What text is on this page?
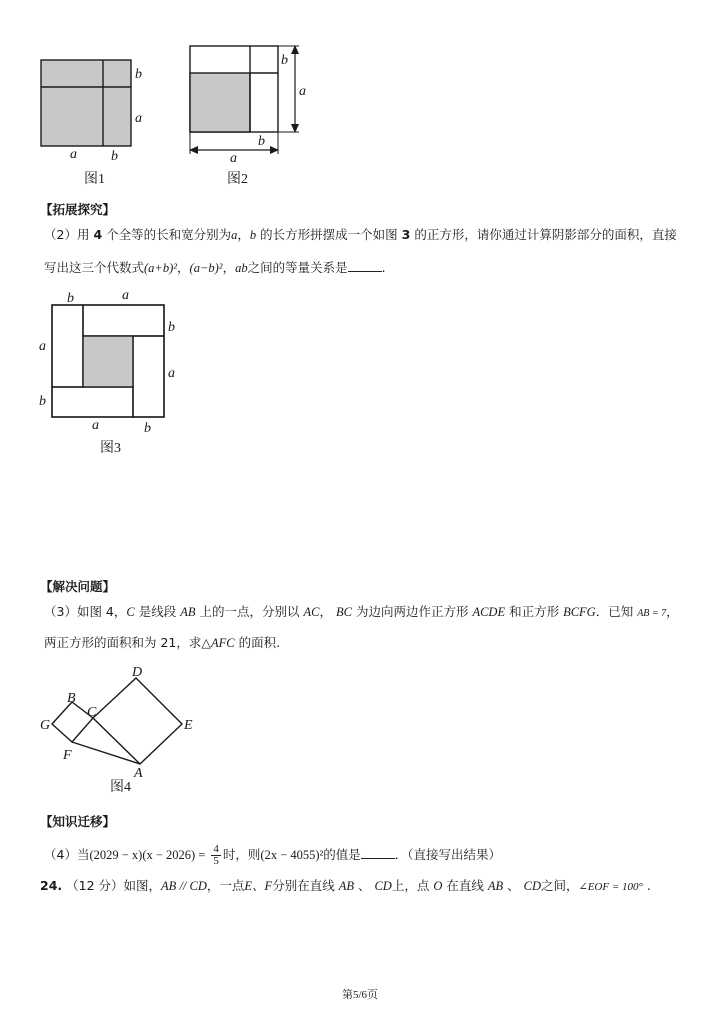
b
a
a b
图1
b
a
b
a
图2
【拓展探究】
（2）用 4 个全等的长和宽分别为a，b 的长方形拼摆成一个如图 3 的正方形，请你通过计算阴影部分的面积，直接
写出这三个代数式(a+b)²，(a−b)²，ab之间的等量关系是	.
b	a
b
a
a
b
a	b
图3
【解决问题】
（3）如图 4，C 是线段 AB 上的一点，分别以 AC， BC 为边向两边作正方形 ACDE 和正方形 BCFG．已知 AB = 7，
两正方形的面积和为 21，求△AFC 的面积.
D
B
G
C
E
F
A
图4
【知识迁移】
（4）当$(2029 - x)(x - 2026) = \frac{4}{5}$ 时，则(2x − 4055)²的值是	．（直接写出结果）
24. （12 分）如图，AB // CD，一点E、F分别在直线 AB 、 CD上，点 O 在直线 AB 、 CD之间，∠EOF = 100° .
第5/6页
